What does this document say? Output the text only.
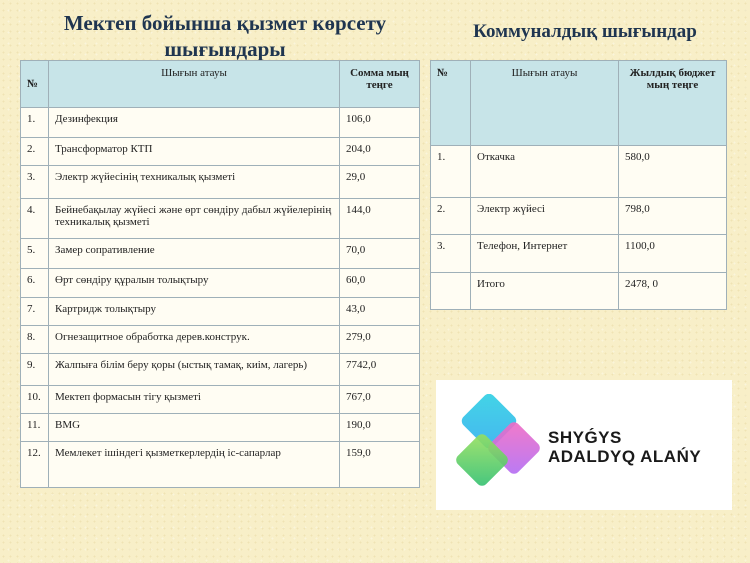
Мектеп бойынша қызмет көрсету шығындары
Коммуналдық шығындар
№	Шығын атауы	Сомма мың теңге
1.	Дезинфекция	106,0
2.	Трансформатор КТП	204,0
3.	Электр жүйесінің техникалық қызметі	29,0
4.	Бейнебақылау жүйесі және өрт сөндіру дабыл жүйелерінің техникалық қызметі	144,0
5.	Замер сопративление	70,0
6.	Өрт сөндіру құралын толықтыру	60,0
7.	Картридж толықтыру	43,0
8.	Огнезащитное обработка дерев.конструк.	279,0
9.	Жалпыға білім беру қоры (ыстық тамақ, киім, лагерь)	7742,0
10.	Мектеп формасын тігу қызметі	767,0
11.	BMG	190,0
12.	Мемлекет ішіндегі қызметкерлердің іс-сапарлар	159,0
№	Шығын атауы	Жылдық бюджет мың теңге
1.	Откачка	580,0
2.	Электр жүйесі	798,0
3.	Телефон, Интернет	1100,0
	Итого	2478, 0
SHYǴYS
ADALDYQ ALAŃY
